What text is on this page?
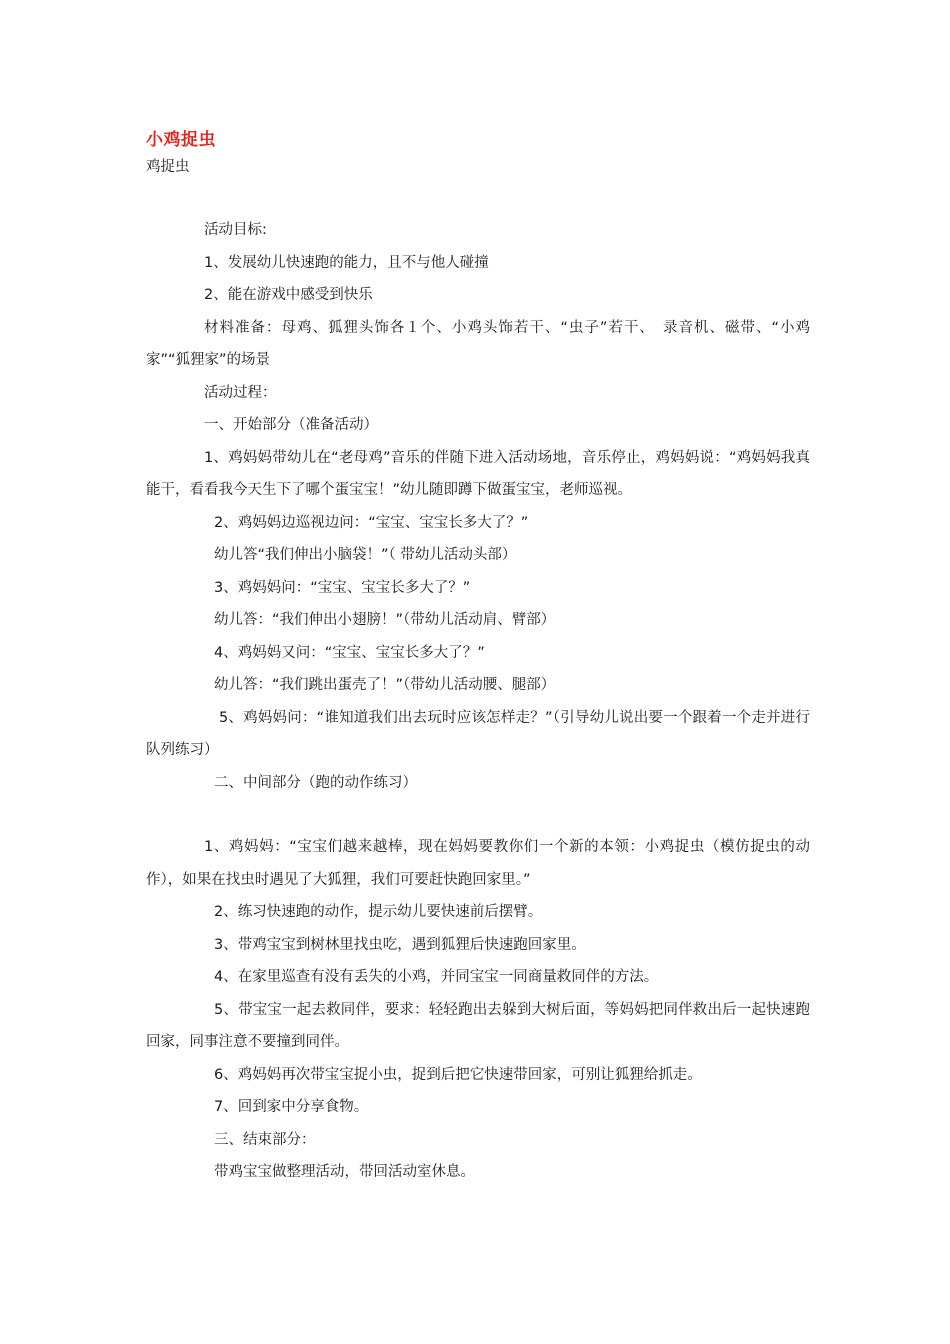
小鸡捉虫
鸡捉虫

活动目标:

1、发展幼儿快速跑的能力，且不与他人碰撞

2、能在游戏中感受到快乐

材料准备：母鸡、狐狸头饰各１个、小鸡头饰若干、“虫子”若干、　录音机、磁带、“小鸡家”“狐狸家”的场景

活动过程：

一、开始部分（准备活动）

1、鸡妈妈带幼儿在“老母鸡”音乐的伴随下进入活动场地，音乐停止，鸡妈妈说：“鸡妈妈我真能干，看看我今天生下了哪个蛋宝宝！”幼儿随即蹲下做蛋宝宝，老师巡视。

2、鸡妈妈边巡视边问：“宝宝、宝宝长多大了？”

幼儿答“我们伸出小脑袋！”（ 带幼儿活动头部）

3、鸡妈妈问：“宝宝、宝宝长多大了？”

幼儿答：“我们伸出小翅膀！”（带幼儿活动肩、臂部）

4、鸡妈妈又问：“宝宝、宝宝长多大了？”

幼儿答：“我们跳出蛋壳了！”（带幼儿活动腰、腿部）

5、鸡妈妈问：“谁知道我们出去玩时应该怎样走？”（引导幼儿说出要一个跟着一个走并进行队列练习）

二、中间部分（跑的动作练习）

1、鸡妈妈：“宝宝们越来越棒，现在妈妈要教你们一个新的本领：小鸡捉虫（模仿捉虫的动作），如果在找虫时遇见了大狐狸，我们可要赶快跑回家里。”

2、练习快速跑的动作，提示幼儿要快速前后摆臂。

3、带鸡宝宝到树林里找虫吃，遇到狐狸后快速跑回家里。

4、在家里巡查有没有丢失的小鸡，并同宝宝一同商量救同伴的方法。

5、带宝宝一起去救同伴，要求：轻轻跑出去躲到大树后面，等妈妈把同伴救出后一起快速跑回家，同事注意不要撞到同伴。

6、鸡妈妈再次带宝宝捉小虫，捉到后把它快速带回家，可别让狐狸给抓走。

7、回到家中分享食物。

三、结束部分：

带鸡宝宝做整理活动，带回活动室休息。
